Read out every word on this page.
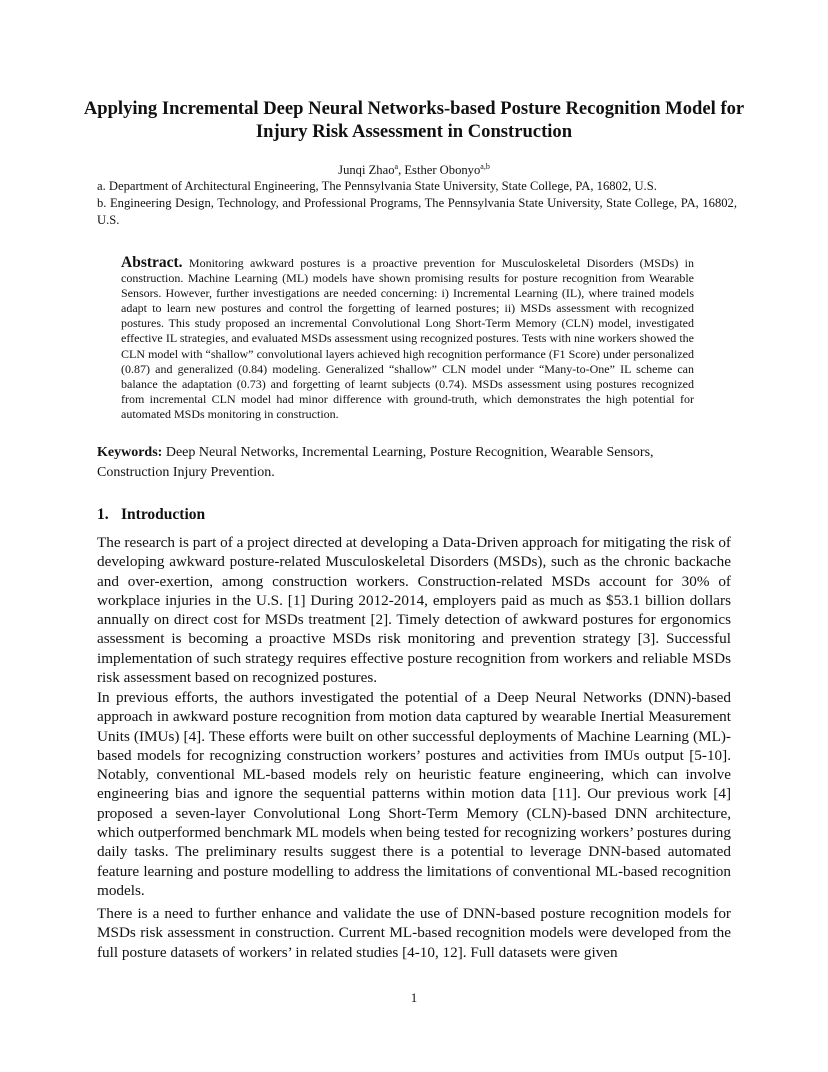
Applying Incremental Deep Neural Networks-based Posture Recognition Model for Injury Risk Assessment in Construction
Junqi Zhao$^a$, Esther Obonyo$^{a,b}$
a. Department of Architectural Engineering, The Pennsylvania State University, State College, PA, 16802, U.S.
b. Engineering Design, Technology, and Professional Programs, The Pennsylvania State University, State College, PA, 16802, U.S.
Abstract. Monitoring awkward postures is a proactive prevention for Musculoskeletal Disorders (MSDs) in construction. Machine Learning (ML) models have shown promising results for posture recognition from Wearable Sensors. However, further investigations are needed concerning: i) Incremental Learning (IL), where trained models adapt to learn new postures and control the forgetting of learned postures; ii) MSDs assessment with recognized postures. This study proposed an incremental Convolutional Long Short-Term Memory (CLN) model, investigated effective IL strategies, and evaluated MSDs assessment using recognized postures. Tests with nine workers showed the CLN model with “shallow” convolutional layers achieved high recognition performance (F1 Score) under personalized (0.87) and generalized (0.84) modeling. Generalized “shallow” CLN model under “Many-to-One” IL scheme can balance the adaptation (0.73) and forgetting of learnt subjects (0.74). MSDs assessment using postures recognized from incremental CLN model had minor difference with ground-truth, which demonstrates the high potential for automated MSDs monitoring in construction.
Keywords: Deep Neural Networks, Incremental Learning, Posture Recognition, Wearable Sensors, Construction Injury Prevention.
1. Introduction
The research is part of a project directed at developing a Data-Driven approach for mitigating the risk of developing awkward posture-related Musculoskeletal Disorders (MSDs), such as the chronic backache and over-exertion, among construction workers. Construction-related MSDs account for 30% of workplace injuries in the U.S. [1] During 2012-2014, employers paid as much as $53.1 billion dollars annually on direct cost for MSDs treatment [2]. Timely detection of awkward postures for ergonomics assessment is becoming a proactive MSDs risk monitoring and prevention strategy [3]. Successful implementation of such strategy requires effective posture recognition from workers and reliable MSDs risk assessment based on recognized postures.
In previous efforts, the authors investigated the potential of a Deep Neural Networks (DNN)-based approach in awkward posture recognition from motion data captured by wearable Inertial Measurement Units (IMUs) [4]. These efforts were built on other successful deployments of Machine Learning (ML)-based models for recognizing construction workers’ postures and activities from IMUs output [5-10]. Notably, conventional ML-based models rely on heuristic feature engineering, which can involve engineering bias and ignore the sequential patterns within motion data [11]. Our previous work [4] proposed a seven-layer Convolutional Long Short-Term Memory (CLN)-based DNN architecture, which outperformed benchmark ML models when being tested for recognizing workers’ postures during daily tasks. The preliminary results suggest there is a potential to leverage DNN-based automated feature learning and posture modelling to address the limitations of conventional ML-based recognition models.
There is a need to further enhance and validate the use of DNN-based posture recognition models for MSDs risk assessment in construction. Current ML-based recognition models were developed from the full posture datasets of workers’ in related studies [4-10, 12]. Full datasets were given
1
